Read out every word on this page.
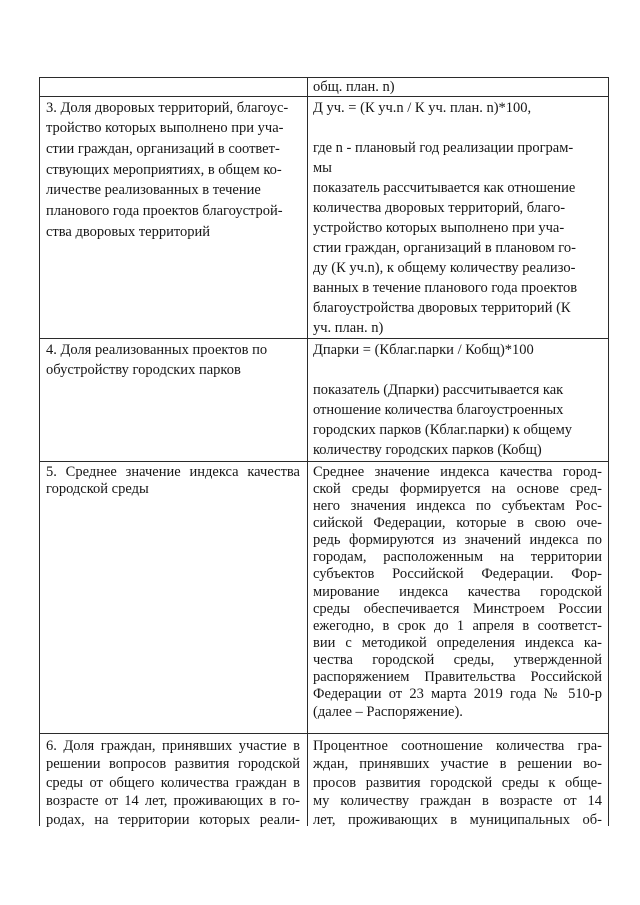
общ. план. n)
3. Доля дворовых территорий, благоус-
тройство которых выполнено при уча-
стии граждан, организаций в соответ-
ствующих мероприятиях, в общем ко-
личестве реализованных в течение
планового года проектов благоустрой-
ства дворовых территорий
Д уч. = (К уч.n / К уч. план. n)*100,
где n - плановый год реализации програм-
мы
показатель рассчитывается как отношение
количества дворовых территорий, благо-
устройство которых выполнено при уча-
стии граждан, организаций в плановом го-
ду (К уч.n), к общему количеству реализо-
ванных в течение планового года проектов
благоустройства дворовых территорий (К
уч. план. n)
4. Доля реализованных проектов по
обустройству городских парков
Дпарки = (Кблаг.парки / Кобщ)*100
показатель (Дпарки) рассчитывается как
отношение количества благоустроенных
городских парков (Кблаг.парки) к общему
количеству городских парков (Кобщ)
5. Среднее значение индекса качества
городской среды
Среднее значение индекса качества город-
ской среды формируется на основе сред-
него значения индекса по субъектам Рос-
сийской Федерации, которые в свою оче-
редь формируются из значений индекса по
городам, расположенным на территории
субъектов Российской Федерации. Фор-
мирование индекса качества городской
среды обеспечивается Минстроем России
ежегодно, в срок до 1 апреля в соответст-
вии с методикой определения индекса ка-
чества городской среды, утвержденной
распоряжением Правительства Российской
Федерации от 23 марта 2019 года № 510-р
(далее – Распоряжение).
6. Доля граждан, принявших участие в
решении вопросов развития городской
среды от общего количества граждан в
возрасте от 14 лет, проживающих в го-
родах, на территории которых реали-
Процентное соотношение количества гра-
ждан, принявших участие в решении во-
просов развития городской среды к обще-
му количеству граждан в возрасте от 14
лет, проживающих в муниципальных об-
